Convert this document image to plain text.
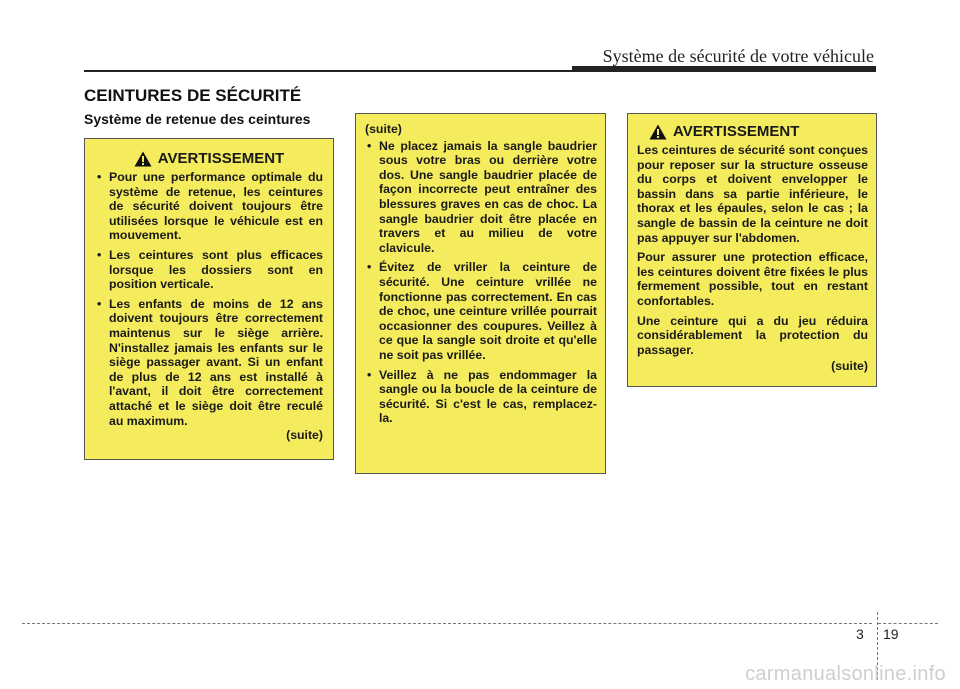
Système de sécurité de votre véhicule
CEINTURES DE SÉCURITÉ
Système de retenue des ceintures
AVERTISSEMENT
• Pour une performance optimale du système de retenue, les ceintures de sécurité doivent toujours être utilisées lorsque le véhicule est en mouvement.
• Les ceintures sont plus efficaces lorsque les dossiers sont en position verticale.
• Les enfants de moins de 12 ans doivent toujours être correctement maintenus sur le siège arrière. N'installez jamais les enfants sur le siège passager avant. Si un enfant de plus de 12 ans est installé à l'avant, il doit être correctement attaché et le siège doit être reculé au maximum.
(suite)
(suite)
• Ne placez jamais la sangle baudrier sous votre bras ou derrière votre dos. Une sangle baudrier placée de façon incorrecte peut entraîner des blessures graves en cas de choc. La sangle baudrier doit être placée en travers et au milieu de votre clavicule.
• Évitez de vriller la ceinture de sécurité. Une ceinture vrillée ne fonctionne pas correctement. En cas de choc, une ceinture vrillée pourrait occasionner des coupures. Veillez à ce que la sangle soit droite et qu'elle ne soit pas vrillée.
• Veillez à ne pas endommager la sangle ou la boucle de la ceinture de sécurité. Si c'est le cas, remplacez-la.
AVERTISSEMENT

Les ceintures de sécurité sont conçues pour reposer sur la structure osseuse du corps et doivent envelopper le bassin dans sa partie inférieure, le thorax et les épaules, selon le cas ; la sangle de bassin de la ceinture ne doit pas appuyer sur l'abdomen.

Pour assurer une protection efficace, les ceintures doivent être fixées le plus fermement possible, tout en restant confortables.

Une ceinture qui a du jeu réduira considérablement la protection du passager.

(suite)
3 19
carmanualsonline.info
